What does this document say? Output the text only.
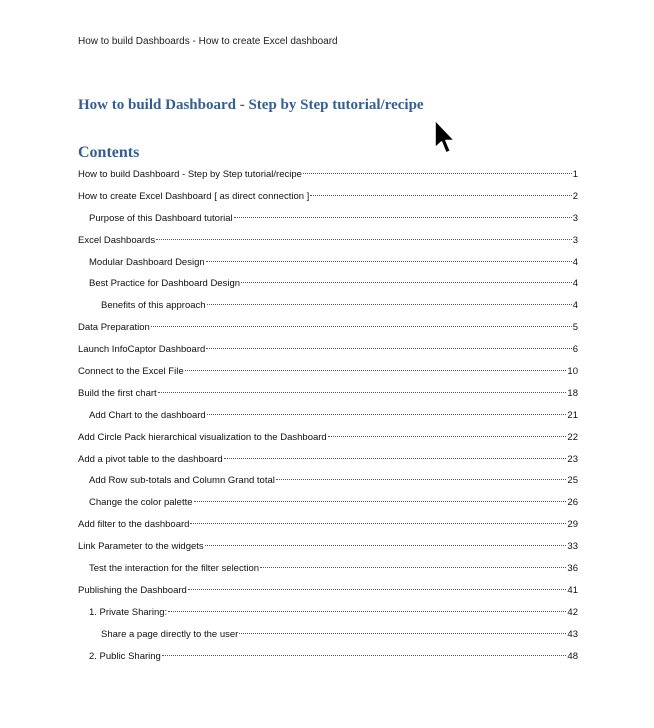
How to build Dashboards - How to create Excel dashboard
How to build Dashboard - Step by Step tutorial/recipe
Contents
How to build Dashboard - Step by Step tutorial/recipe	1
How to create Excel Dashboard [ as direct connection ]	2
Purpose of this Dashboard tutorial	3
Excel Dashboards	3
Modular Dashboard Design	4
Best Practice for Dashboard Design	4
Benefits of this approach	4
Data Preparation	5
Launch InfoCaptor Dashboard	6
Connect to the Excel File	10
Build the first chart	18
Add Chart to the dashboard	21
Add Circle Pack hierarchical visualization to the Dashboard	22
Add a pivot table to the dashboard	23
Add Row sub-totals and Column Grand total	25
Change the color palette	26
Add filter to the dashboard	29
Link Parameter to the widgets	33
Test the interaction for the filter selection	36
Publishing the Dashboard	41
1. Private Sharing:	42
Share a page directly to the user	43
2. Public Sharing	48
